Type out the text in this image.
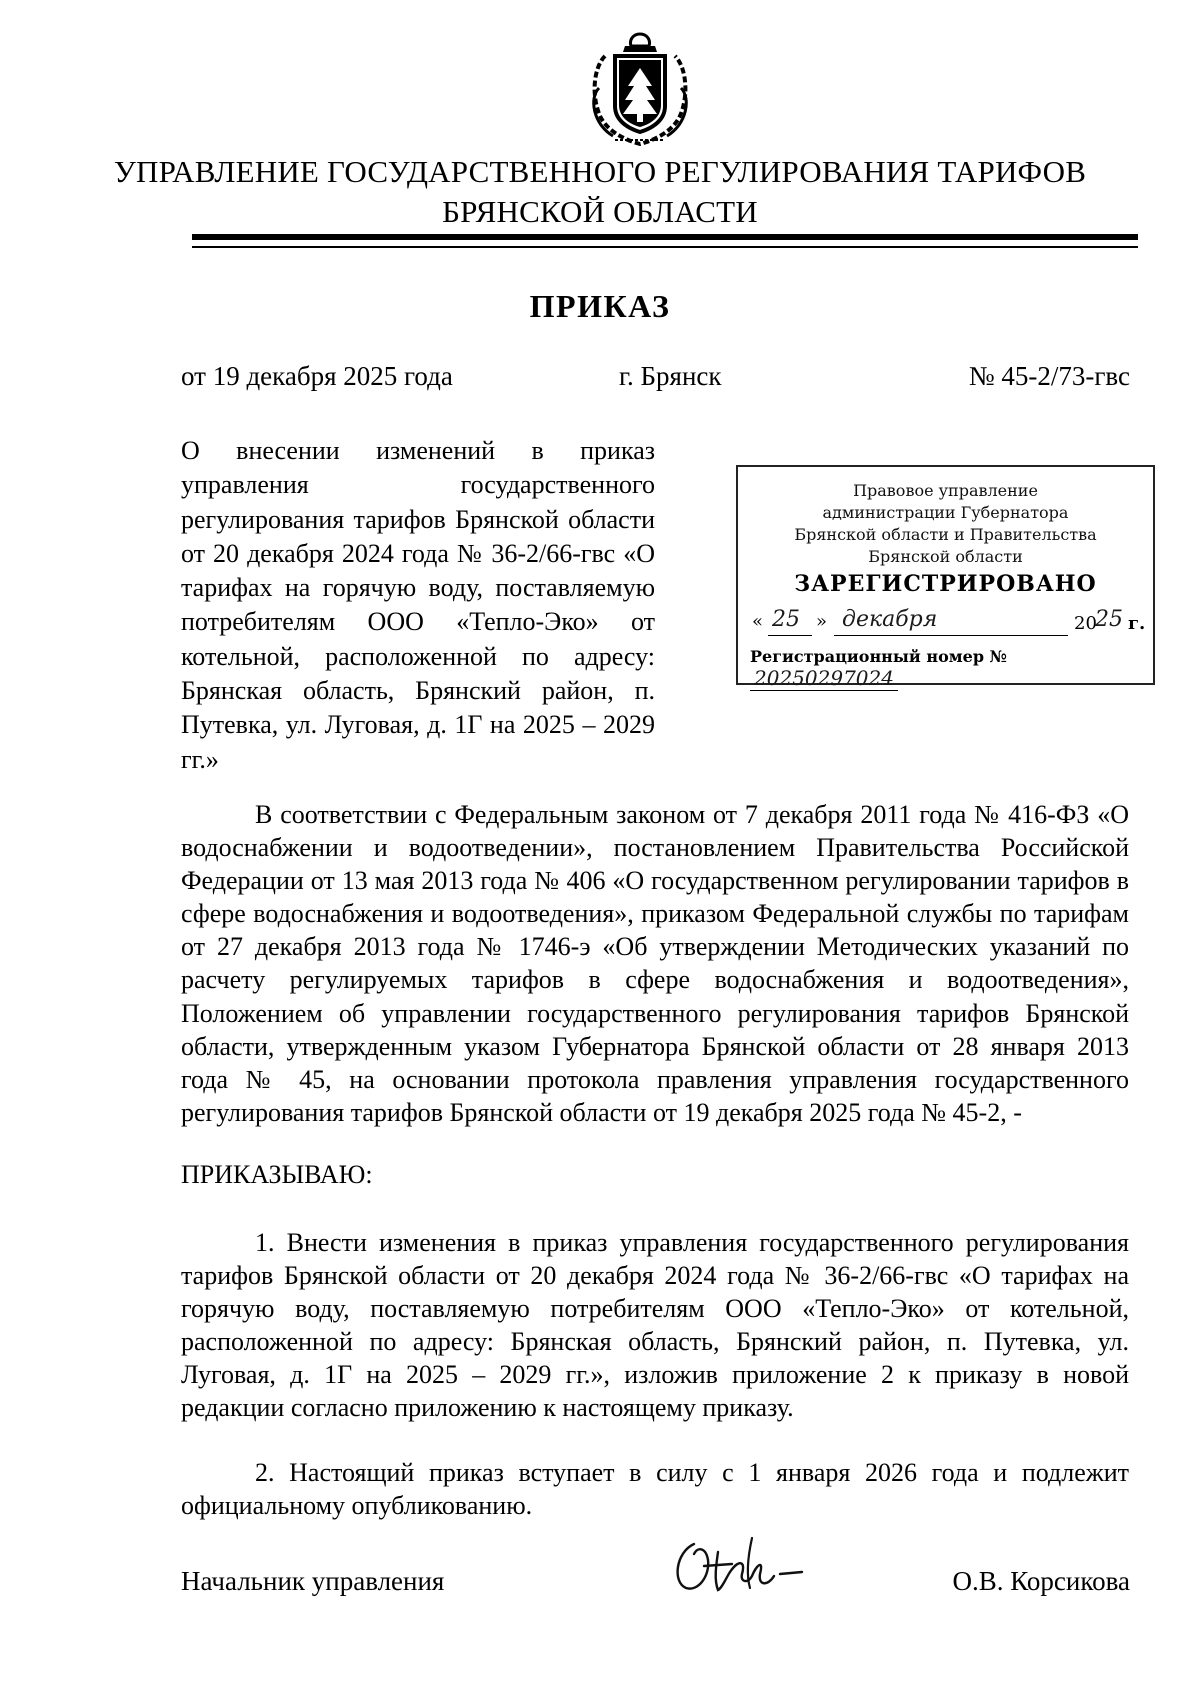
УПРАВЛЕНИЕ ГОСУДАРСТВЕННОГО РЕГУЛИРОВАНИЯ ТАРИФОВ
БРЯНСКОЙ ОБЛАСТИ
ПРИКАЗ
от 19 декабря 2025 года	г. Брянск	№ 45-2/73-гвс

О внесении изменений в приказ управления государственного регулирования тарифов Брянской области от 20 декабря 2024 года № 36-2/66-гвс «О тарифах на горячую воду, поставляемую потребителям ООО «Тепло-Эко» от котельной, расположенной по адресу: Брянская область, Брянский район, п. Путевка, ул. Луговая, д. 1Г на 2025 – 2029 гг.»

Правовое управление
администрации Губернатора
Брянской области и Правительства
Брянской области
ЗАРЕГИСТРИРОВАНО
« 25 » декабря	20
25 г.
Регистрационный номер № 20250297024

В соответствии с Федеральным законом от 7 декабря 2011 года № 416-ФЗ «О водоснабжении и водоотведении», постановлением Правительства Российской Федерации от 13 мая 2013 года № 406 «О государственном регулировании тарифов в сфере водоснабжения и водоотведения», приказом Федеральной службы по тарифам от 27 декабря 2013 года № 1746-э «Об утверждении Методических указаний по расчету регулируемых тарифов в сфере водоснабжения и водоотведения», Положением об управлении государственного регулирования тарифов Брянской области, утвержденным указом Губернатора Брянской области от 28 января 2013 года № 45, на основании протокола правления управления государственного регулирования тарифов Брянской области от 19 декабря 2025 года № 45-2, -

ПРИКАЗЫВАЮ:

1. Внести изменения в приказ управления государственного регулирования тарифов Брянской области от 20 декабря 2024 года № 36-2/66-гвс «О тарифах на горячую воду, поставляемую потребителям ООО «Тепло-Эко» от котельной, расположенной по адресу: Брянская область, Брянский район, п. Путевка, ул. Луговая, д. 1Г на 2025 – 2029 гг.», изложив приложение 2 к приказу в новой редакции согласно приложению к настоящему приказу.

2. Настоящий приказ вступает в силу с 1 января 2026 года и подлежит официальному опубликованию.

Начальник управления	О.В. Корсикова
